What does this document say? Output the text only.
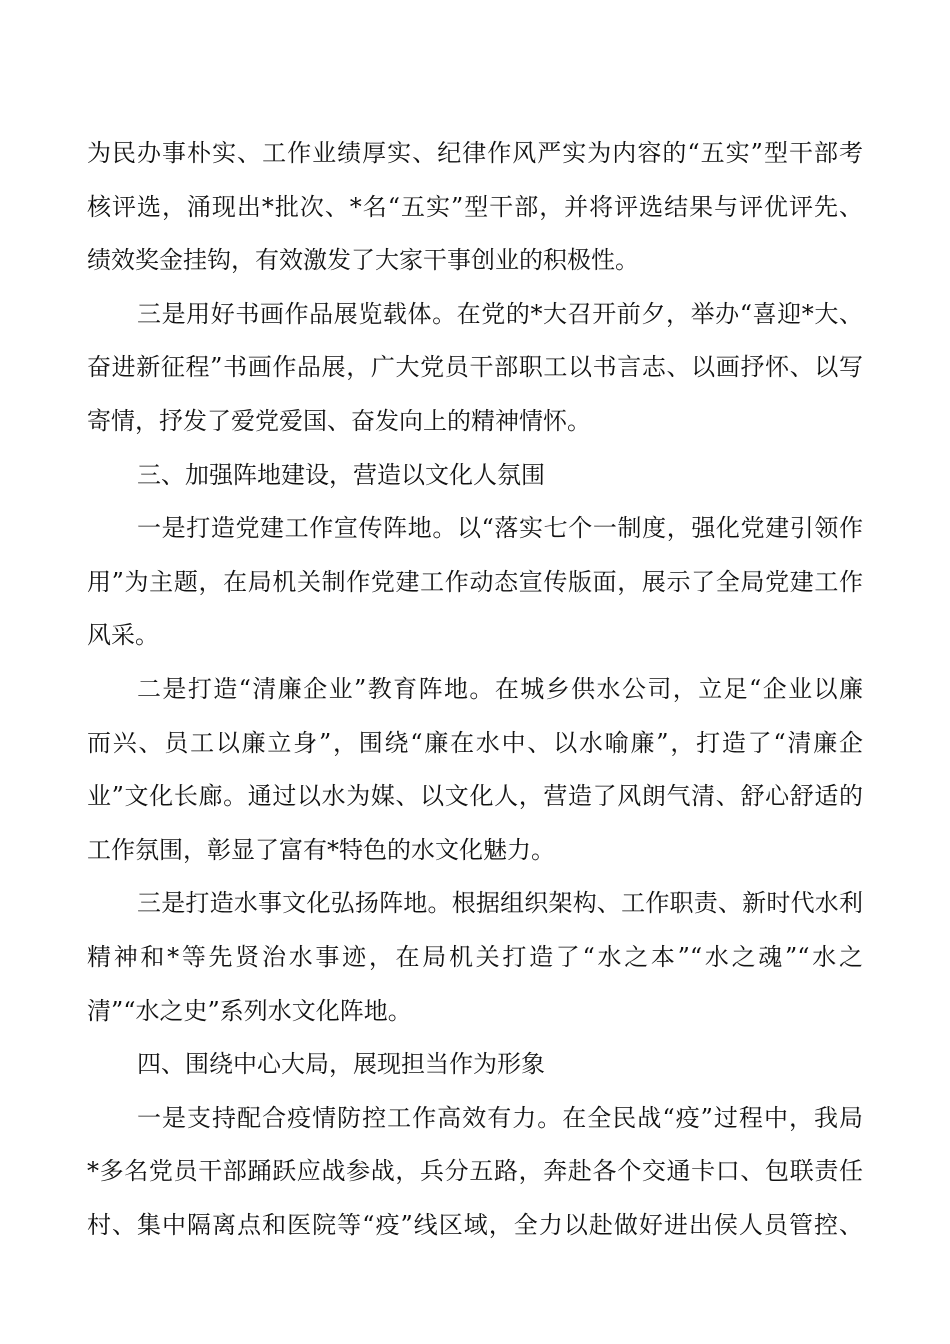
为民办事朴实、工作业绩厚实、纪律作风严实为内容的“五实”型干部考
核评选，涌现出*批次、*名“五实”型干部，并将评选结果与评优评先、
绩效奖金挂钩，有效激发了大家干事创业的积极性。
三是用好书画作品展览载体。在党的*大召开前夕，举办“喜迎*大、
奋进新征程”书画作品展，广大党员干部职工以书言志、以画抒怀、以写
寄情，抒发了爱党爱国、奋发向上的精神情怀。
三、加强阵地建设，营造以文化人氛围
一是打造党建工作宣传阵地。以“落实七个一制度，强化党建引领作
用”为主题，在局机关制作党建工作动态宣传版面，展示了全局党建工作
风采。
二是打造“清廉企业”教育阵地。在城乡供水公司，立足“企业以廉
而兴、员工以廉立身”，围绕“廉在水中、以水喻廉”，打造了“清廉企
业”文化长廊。通过以水为媒、以文化人，营造了风朗气清、舒心舒适的
工作氛围，彰显了富有*特色的水文化魅力。
三是打造水事文化弘扬阵地。根据组织架构、工作职责、新时代水利
精神和*等先贤治水事迹，在局机关打造了“水之本”“水之魂”“水之
清”“水之史”系列水文化阵地。
四、围绕中心大局，展现担当作为形象
一是支持配合疫情防控工作高效有力。在全民战“疫”过程中，我局
*多名党员干部踊跃应战参战，兵分五路，奔赴各个交通卡口、包联责任
村、集中隔离点和医院等“疫”线区域，全力以赴做好进出侯人员管控、
